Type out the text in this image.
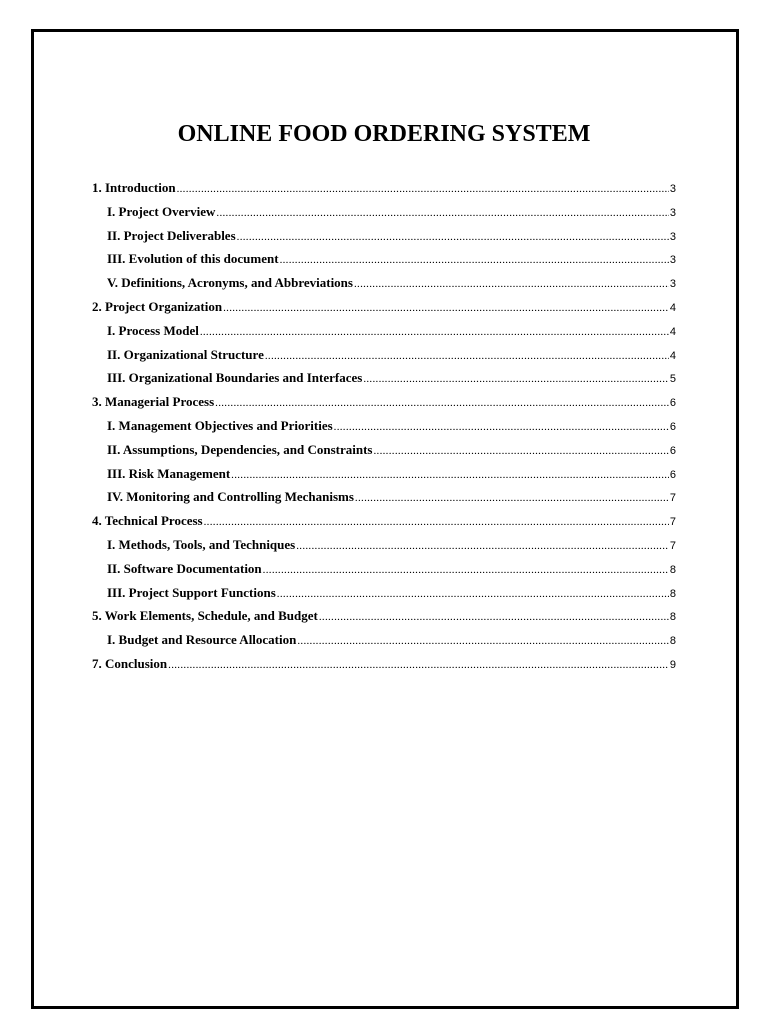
ONLINE FOOD ORDERING SYSTEM
1. Introduction .....	3
I. Project Overview .....	3
II. Project Deliverables .....	3
III. Evolution of this document .....	3
V. Definitions, Acronyms, and Abbreviations .....	3
2. Project Organization .....	4
I. Process Model .....	4
II. Organizational Structure .....	4
III. Organizational Boundaries and Interfaces .....	5
3. Managerial Process .....	6
I. Management Objectives and Priorities .....	6
II. Assumptions, Dependencies, and Constraints .....	6
III. Risk Management .....	6
IV. Monitoring and Controlling Mechanisms .....	7
4. Technical Process .....	7
I. Methods, Tools, and Techniques .....	7
II. Software Documentation .....	8
III. Project Support Functions .....	8
5. Work Elements, Schedule, and Budget .....	8
I. Budget and Resource Allocation .....	8
7. Conclusion .....	9
